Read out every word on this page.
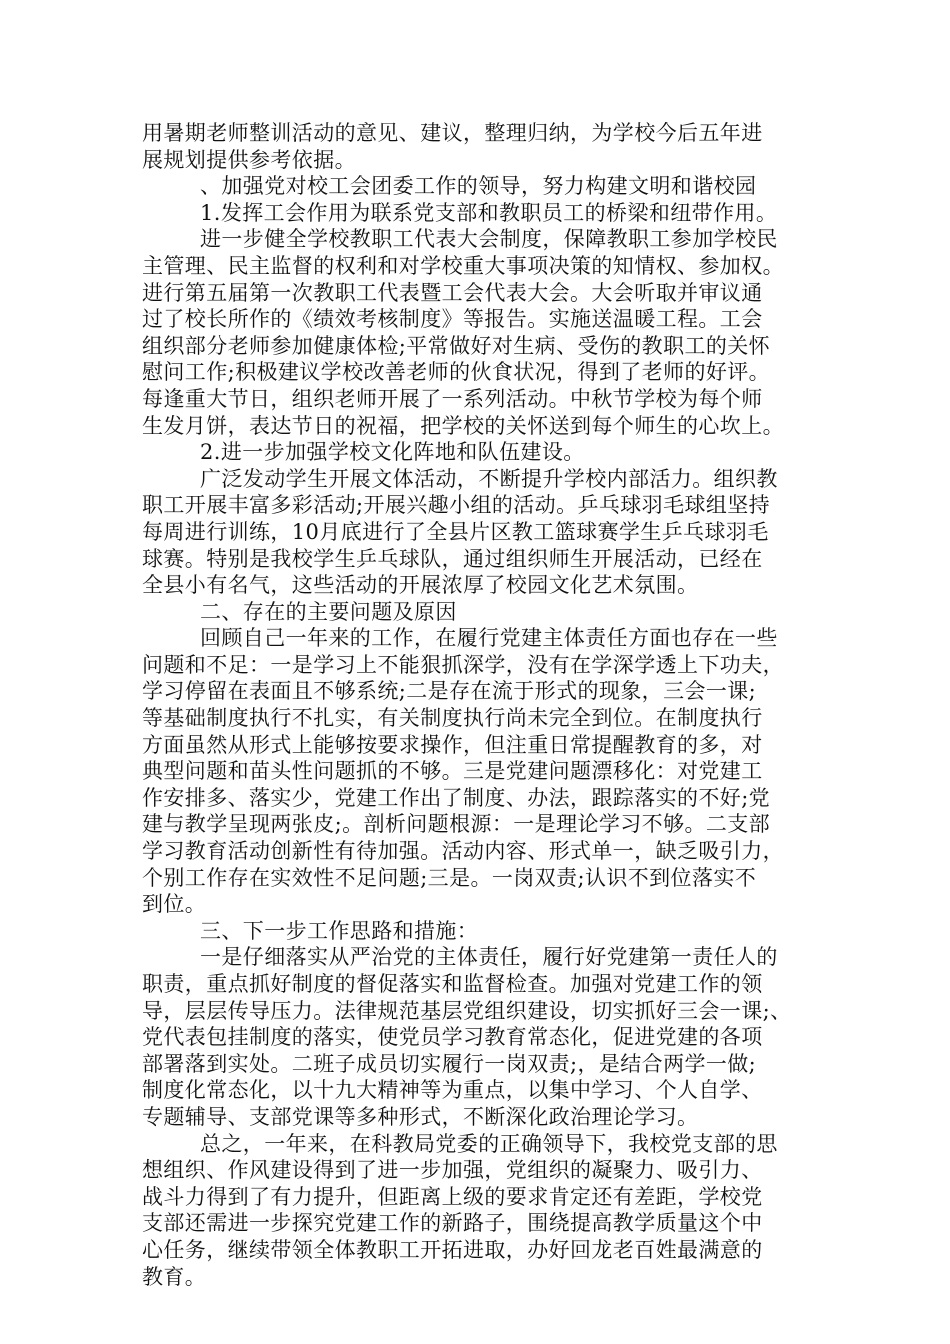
用暑期老师整训活动的意见、建议，整理归纳，为学校今后五年进
展规划提供参考依据。
、加强党对校工会团委工作的领导，努力构建文明和谐校园
1.发挥工会作用为联系党支部和教职员工的桥梁和纽带作用。
进一步健全学校教职工代表大会制度，保障教职工参加学校民
主管理、民主监督的权利和对学校重大事项决策的知情权、参加权。
进行第五届第一次教职工代表暨工会代表大会。大会听取并审议通
过了校长所作的《绩效考核制度》等报告。实施送温暖工程。工会
组织部分老师参加健康体检;平常做好对生病、受伤的教职工的关怀
慰问工作;积极建议学校改善老师的伙食状况，得到了老师的好评。
每逢重大节日，组织老师开展了一系列活动。中秋节学校为每个师
生发月饼，表达节日的祝福，把学校的关怀送到每个师生的心坎上。
2.进一步加强学校文化阵地和队伍建设。
广泛发动学生开展文体活动，不断提升学校内部活力。组织教
职工开展丰富多彩活动;开展兴趣小组的活动。乒乓球羽毛球组坚持
每周进行训练，10月底进行了全县片区教工篮球赛学生乒乓球羽毛
球赛。特别是我校学生乒乓球队，通过组织师生开展活动，已经在
全县小有名气，这些活动的开展浓厚了校园文化艺术氛围。
二、存在的主要问题及原因
回顾自己一年来的工作，在履行党建主体责任方面也存在一些
问题和不足：一是学习上不能狠抓深学，没有在学深学透上下功夫，
学习停留在表面且不够系统;二是存在流于形式的现象，三会一课;
等基础制度执行不扎实，有关制度执行尚未完全到位。在制度执行
方面虽然从形式上能够按要求操作，但注重日常提醒教育的多，对
典型问题和苗头性问题抓的不够。三是党建问题漂移化：对党建工
作安排多、落实少，党建工作出了制度、办法，跟踪落实的不好;党
建与教学呈现两张皮;。剖析问题根源：一是理论学习不够。二支部
学习教育活动创新性有待加强。活动内容、形式单一，缺乏吸引力，
个别工作存在实效性不足问题;三是。一岗双责;认识不到位落实不
到位。
三、下一步工作思路和措施：
一是仔细落实从严治党的主体责任，履行好党建第一责任人的
职责，重点抓好制度的督促落实和监督检查。加强对党建工作的领
导，层层传导压力。法律规范基层党组织建设，切实抓好三会一课;、
党代表包挂制度的落实，使党员学习教育常态化，促进党建的各项
部署落到实处。二班子成员切实履行一岗双责;，是结合两学一做;
制度化常态化，以十九大精神等为重点，以集中学习、个人自学、
专题辅导、支部党课等多种形式，不断深化政治理论学习。
总之，一年来，在科教局党委的正确领导下，我校党支部的思
想组织、作风建设得到了进一步加强，党组织的凝聚力、吸引力、
战斗力得到了有力提升，但距离上级的要求肯定还有差距，学校党
支部还需进一步探究党建工作的新路子，围绕提高教学质量这个中
心任务，继续带领全体教职工开拓进取，办好回龙老百姓最满意的
教育。
